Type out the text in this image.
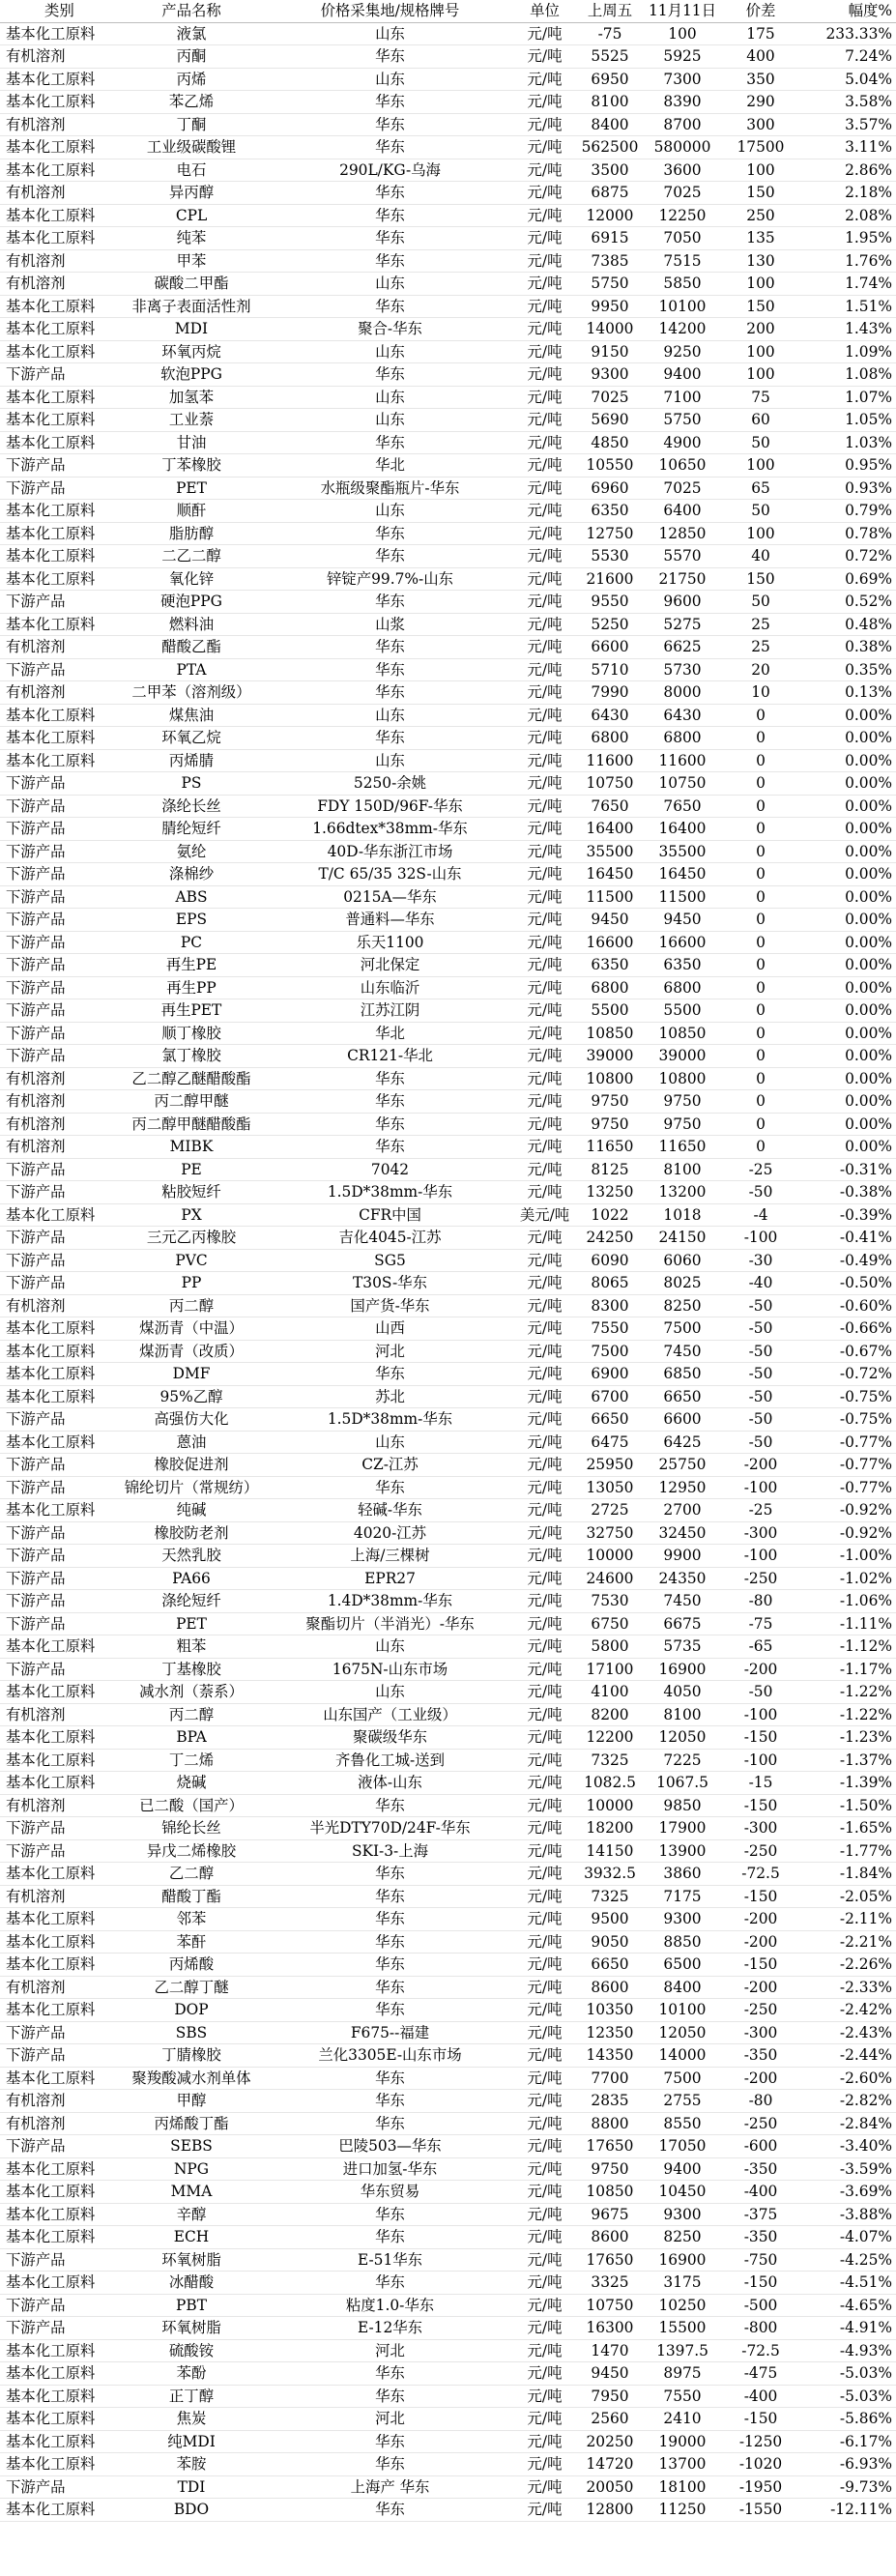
类别	产品名称	价格采集地/规格牌号	单位	上周五	11月11日	价差	幅度%
基本化工原料	液氯	山东	元/吨	-75	100	175	233.33%
有机溶剂	丙酮	华东	元/吨	5525	5925	400	7.24%
基本化工原料	丙烯	山东	元/吨	6950	7300	350	5.04%
基本化工原料	苯乙烯	华东	元/吨	8100	8390	290	3.58%
有机溶剂	丁酮	华东	元/吨	8400	8700	300	3.57%
基本化工原料	工业级碳酸锂	华东	元/吨	562500	580000	17500	3.11%
基本化工原料	电石	290L/KG-乌海	元/吨	3500	3600	100	2.86%
有机溶剂	异丙醇	华东	元/吨	6875	7025	150	2.18%
基本化工原料	CPL	华东	元/吨	12000	12250	250	2.08%
基本化工原料	纯苯	华东	元/吨	6915	7050	135	1.95%
有机溶剂	甲苯	华东	元/吨	7385	7515	130	1.76%
有机溶剂	碳酸二甲酯	山东	元/吨	5750	5850	100	1.74%
基本化工原料	非离子表面活性剂	华东	元/吨	9950	10100	150	1.51%
基本化工原料	MDI	聚合-华东	元/吨	14000	14200	200	1.43%
基本化工原料	环氧丙烷	山东	元/吨	9150	9250	100	1.09%
下游产品	软泡PPG	华东	元/吨	9300	9400	100	1.08%
基本化工原料	加氢苯	山东	元/吨	7025	7100	75	1.07%
基本化工原料	工业萘	山东	元/吨	5690	5750	60	1.05%
基本化工原料	甘油	华东	元/吨	4850	4900	50	1.03%
下游产品	丁苯橡胶	华北	元/吨	10550	10650	100	0.95%
下游产品	PET	水瓶级聚酯瓶片-华东	元/吨	6960	7025	65	0.93%
基本化工原料	顺酐	山东	元/吨	6350	6400	50	0.79%
基本化工原料	脂肪醇	华东	元/吨	12750	12850	100	0.78%
基本化工原料	二乙二醇	华东	元/吨	5530	5570	40	0.72%
基本化工原料	氧化锌	锌锭产99.7%-山东	元/吨	21600	21750	150	0.69%
下游产品	硬泡PPG	华东	元/吨	9550	9600	50	0.52%
基本化工原料	燃料油	山浆	元/吨	5250	5275	25	0.48%
有机溶剂	醋酸乙酯	华东	元/吨	6600	6625	25	0.38%
下游产品	PTA	华东	元/吨	5710	5730	20	0.35%
有机溶剂	二甲苯（溶剂级）	华东	元/吨	7990	8000	10	0.13%
基本化工原料	煤焦油	山东	元/吨	6430	6430	0	0.00%
基本化工原料	环氧乙烷	华东	元/吨	6800	6800	0	0.00%
基本化工原料	丙烯腈	山东	元/吨	11600	11600	0	0.00%
下游产品	PS	5250-余姚	元/吨	10750	10750	0	0.00%
下游产品	涤纶长丝	FDY 150D/96F-华东	元/吨	7650	7650	0	0.00%
下游产品	腈纶短纤	1.66dtex*38mm-华东	元/吨	16400	16400	0	0.00%
下游产品	氨纶	40D-华东浙江市场	元/吨	35500	35500	0	0.00%
下游产品	涤棉纱	T/C 65/35 32S-山东	元/吨	16450	16450	0	0.00%
下游产品	ABS	0215A—华东	元/吨	11500	11500	0	0.00%
下游产品	EPS	普通料—华东	元/吨	9450	9450	0	0.00%
下游产品	PC	乐天1100	元/吨	16600	16600	0	0.00%
下游产品	再生PE	河北保定	元/吨	6350	6350	0	0.00%
下游产品	再生PP	山东临沂	元/吨	6800	6800	0	0.00%
下游产品	再生PET	江苏江阴	元/吨	5500	5500	0	0.00%
下游产品	顺丁橡胶	华北	元/吨	10850	10850	0	0.00%
下游产品	氯丁橡胶	CR121-华北	元/吨	39000	39000	0	0.00%
有机溶剂	乙二醇乙醚醋酸酯	华东	元/吨	10800	10800	0	0.00%
有机溶剂	丙二醇甲醚	华东	元/吨	9750	9750	0	0.00%
有机溶剂	丙二醇甲醚醋酸酯	华东	元/吨	9750	9750	0	0.00%
有机溶剂	MIBK	华东	元/吨	11650	11650	0	0.00%
下游产品	PE	7042	元/吨	8125	8100	-25	-0.31%
下游产品	粘胶短纤	1.5D*38mm-华东	元/吨	13250	13200	-50	-0.38%
基本化工原料	PX	CFR中国	美元/吨	1022	1018	-4	-0.39%
下游产品	三元乙丙橡胶	吉化4045-江苏	元/吨	24250	24150	-100	-0.41%
下游产品	PVC	SG5	元/吨	6090	6060	-30	-0.49%
下游产品	PP	T30S-华东	元/吨	8065	8025	-40	-0.50%
有机溶剂	丙二醇	国产货-华东	元/吨	8300	8250	-50	-0.60%
基本化工原料	煤沥青（中温）	山西	元/吨	7550	7500	-50	-0.66%
基本化工原料	煤沥青（改质）	河北	元/吨	7500	7450	-50	-0.67%
基本化工原料	DMF	华东	元/吨	6900	6850	-50	-0.72%
基本化工原料	95%乙醇	苏北	元/吨	6700	6650	-50	-0.75%
下游产品	高强仿大化	1.5D*38mm-华东	元/吨	6650	6600	-50	-0.75%
基本化工原料	蒽油	山东	元/吨	6475	6425	-50	-0.77%
下游产品	橡胶促进剂	CZ-江苏	元/吨	25950	25750	-200	-0.77%
下游产品	锦纶切片（常规纺）	华东	元/吨	13050	12950	-100	-0.77%
基本化工原料	纯碱	轻碱-华东	元/吨	2725	2700	-25	-0.92%
下游产品	橡胶防老剂	4020-江苏	元/吨	32750	32450	-300	-0.92%
下游产品	天然乳胶	上海/三棵树	元/吨	10000	9900	-100	-1.00%
下游产品	PA66	EPR27	元/吨	24600	24350	-250	-1.02%
下游产品	涤纶短纤	1.4D*38mm-华东	元/吨	7530	7450	-80	-1.06%
下游产品	PET	聚酯切片（半消光）-华东	元/吨	6750	6675	-75	-1.11%
基本化工原料	粗苯	山东	元/吨	5800	5735	-65	-1.12%
下游产品	丁基橡胶	1675N-山东市场	元/吨	17100	16900	-200	-1.17%
基本化工原料	减水剂（萘系）	山东	元/吨	4100	4050	-50	-1.22%
有机溶剂	丙二醇	山东国产（工业级）	元/吨	8200	8100	-100	-1.22%
基本化工原料	BPA	聚碳级华东	元/吨	12200	12050	-150	-1.23%
基本化工原料	丁二烯	齐鲁化工城-送到	元/吨	7325	7225	-100	-1.37%
基本化工原料	烧碱	液体-山东	元/吨	1082.5	1067.5	-15	-1.39%
有机溶剂	已二酸（国产）	华东	元/吨	10000	9850	-150	-1.50%
下游产品	锦纶长丝	半光DTY70D/24F-华东	元/吨	18200	17900	-300	-1.65%
下游产品	异戊二烯橡胶	SKI-3-上海	元/吨	14150	13900	-250	-1.77%
基本化工原料	乙二醇	华东	元/吨	3932.5	3860	-72.5	-1.84%
有机溶剂	醋酸丁酯	华东	元/吨	7325	7175	-150	-2.05%
基本化工原料	邻苯	华东	元/吨	9500	9300	-200	-2.11%
基本化工原料	苯酐	华东	元/吨	9050	8850	-200	-2.21%
基本化工原料	丙烯酸	华东	元/吨	6650	6500	-150	-2.26%
有机溶剂	乙二醇丁醚	华东	元/吨	8600	8400	-200	-2.33%
基本化工原料	DOP	华东	元/吨	10350	10100	-250	-2.42%
下游产品	SBS	F675--福建	元/吨	12350	12050	-300	-2.43%
下游产品	丁腈橡胶	兰化3305E-山东市场	元/吨	14350	14000	-350	-2.44%
基本化工原料	聚羧酸减水剂单体	华东	元/吨	7700	7500	-200	-2.60%
有机溶剂	甲醇	华东	元/吨	2835	2755	-80	-2.82%
有机溶剂	丙烯酸丁酯	华东	元/吨	8800	8550	-250	-2.84%
下游产品	SEBS	巴陵503—华东	元/吨	17650	17050	-600	-3.40%
基本化工原料	NPG	进口加氢-华东	元/吨	9750	9400	-350	-3.59%
基本化工原料	MMA	华东贸易	元/吨	10850	10450	-400	-3.69%
基本化工原料	辛醇	华东	元/吨	9675	9300	-375	-3.88%
基本化工原料	ECH	华东	元/吨	8600	8250	-350	-4.07%
下游产品	环氧树脂	E-51华东	元/吨	17650	16900	-750	-4.25%
基本化工原料	冰醋酸	华东	元/吨	3325	3175	-150	-4.51%
下游产品	PBT	粘度1.0-华东	元/吨	10750	10250	-500	-4.65%
下游产品	环氧树脂	E-12华东	元/吨	16300	15500	-800	-4.91%
基本化工原料	硫酸铵	河北	元/吨	1470	1397.5	-72.5	-4.93%
基本化工原料	苯酚	华东	元/吨	9450	8975	-475	-5.03%
基本化工原料	正丁醇	华东	元/吨	7950	7550	-400	-5.03%
基本化工原料	焦炭	河北	元/吨	2560	2410	-150	-5.86%
基本化工原料	纯MDI	华东	元/吨	20250	19000	-1250	-6.17%
基本化工原料	苯胺	华东	元/吨	14720	13700	-1020	-6.93%
下游产品	TDI	上海产 华东	元/吨	20050	18100	-1950	-9.73%
基本化工原料	BDO	华东	元/吨	12800	11250	-1550	-12.11%
